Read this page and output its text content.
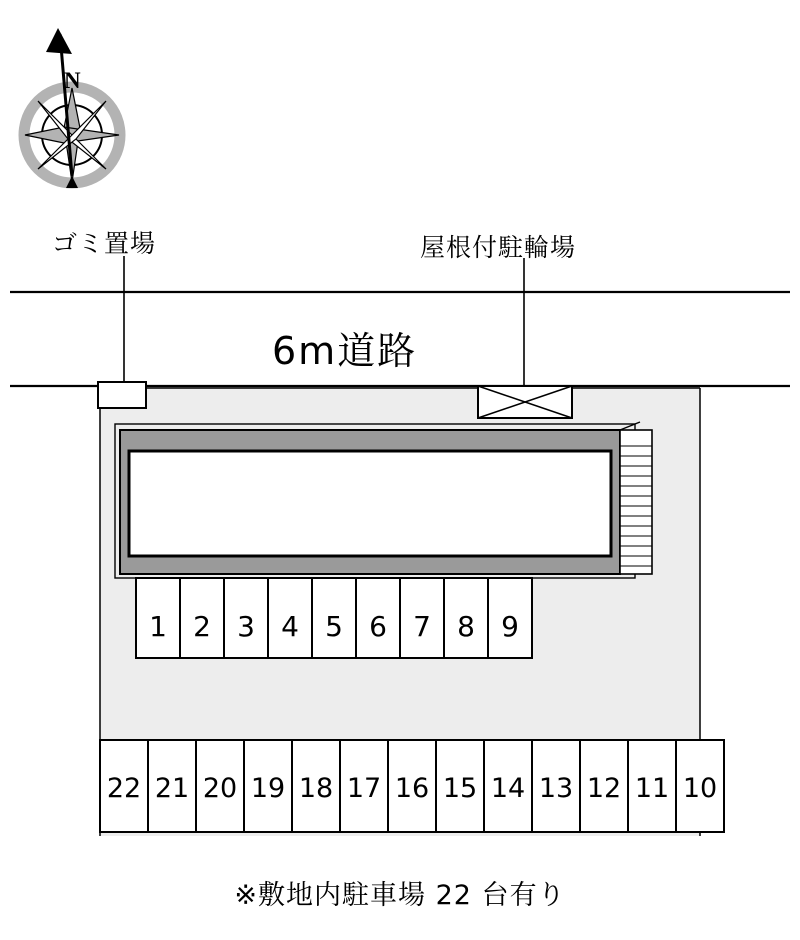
N
ゴミ置場	屋根付駐輪場
6m道路
1 2 3 4 5 6 7 8 9
22 21 20 19 18 17 16 15 14 13 12 11 10
※敷地内駐車場 22 台有り
